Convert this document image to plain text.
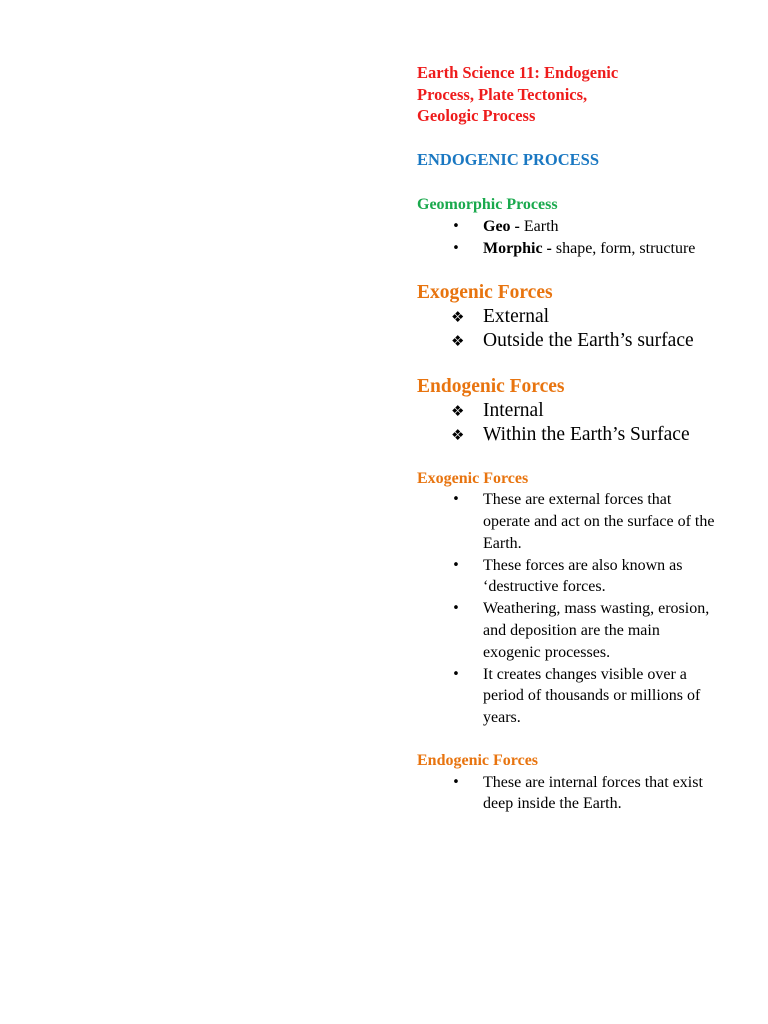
Earth Science 11: Endogenic
Process, Plate Tectonics,
Geologic Process
ENDOGENIC PROCESS
Geomorphic Process
• Geo - Earth
• Morphic - shape, form, structure
Exogenic Forces
❖ External
❖ Outside the Earth’s surface
Endogenic Forces
❖ Internal
❖ Within the Earth’s Surface
Exogenic Forces
• These are external forces that operate and act on the surface of the Earth.
• These forces are also known as ‘destructive forces.
• Weathering, mass wasting, erosion, and deposition are the main exogenic processes.
• It creates changes visible over a period of thousands or millions of years.
Endogenic Forces
• These are internal forces that exist deep inside the Earth.
